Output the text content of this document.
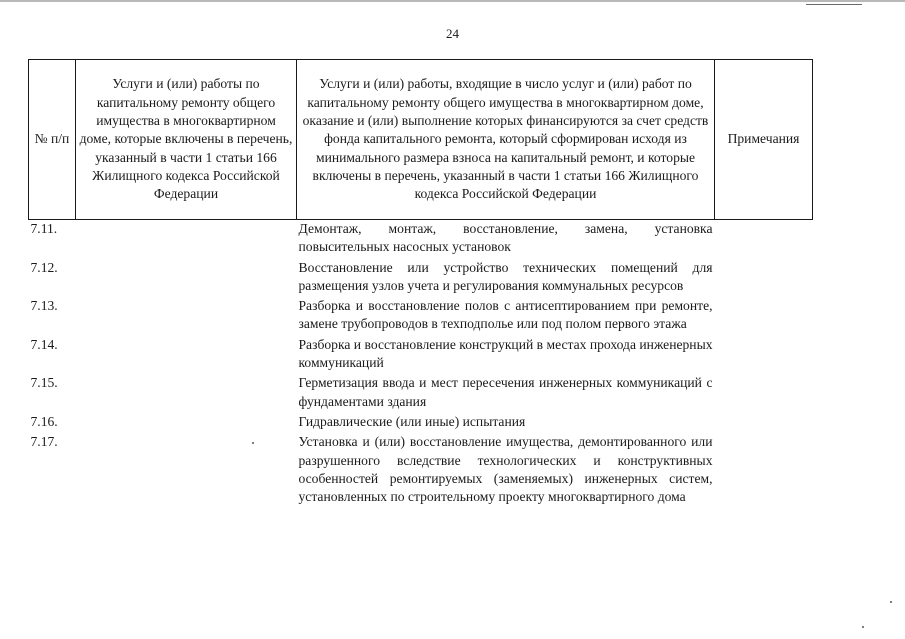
24
№ п/п	Услуги и (или) работы по капитальному ремонту общего имущества в многоквартирном доме, которые включены в перечень, указанный в части 1 статьи 166 Жилищного кодекса Российской Федерации	Услуги и (или) работы, входящие в число услуг и (или) работ по капитальному ремонту общего имущества в многоквартирном доме, оказание и (или) выполнение которых финансируются за счет средств фонда капитального ремонта, который сформирован исходя из минимального размера взноса на капитальный ремонт, и которые включены в перечень, указанный в части 1 статьи 166 Жилищного кодекса Российской Федерации	Примечания
7.11.		Демонтаж, монтаж, восстановление, замена, установка повысительных насосных установок	
7.12.		Восстановление или устройство технических помещений для размещения узлов учета и регулирования коммунальных ресурсов	
7.13.		Разборка и восстановление полов с антисептированием при ремонте, замене трубопроводов в техподполье или под полом первого этажа	
7.14.		Разборка и восстановление конструкций в местах прохода инженерных коммуникаций	
7.15.		Герметизация ввода и мест пересечения инженерных коммуникаций с фундаментами здания	
7.16.		Гидравлические (или иные) испытания	
7.17.		Установка и (или) восстановление имущества, демонтированного или разрушенного вследствие технологических и конструктивных особенностей ремонтируемых (заменяемых) инженерных систем, установленных по строительному проекту многоквартирного дома	
